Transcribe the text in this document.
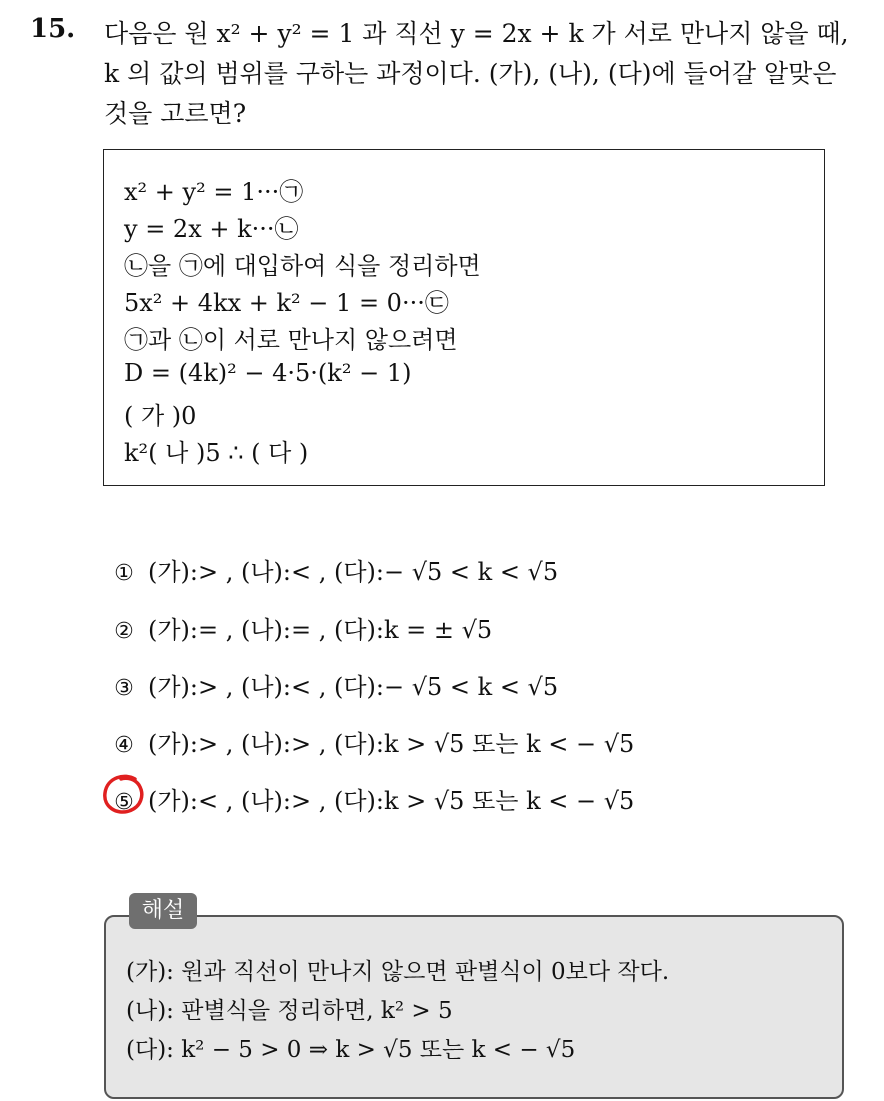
15. 다음은 원 x² + y² = 1 과 직선 y = 2x + k 가 서로 만나지 않을 때,
k 의 값의 범위를 구하는 과정이다. (가), (나), (다)에 들어갈 알맞은
것을 고르면?
x² + y² = 1···㉠
y = 2x + k···㉡
㉡을 ㉠에 대입하여 식을 정리하면
5x² + 4kx + k² − 1 = 0···㉢
㉠과 ㉡이 서로 만나지 않으려면
D = (4k)² − 4·5·(k² − 1)
( 가 )0
k²( 나 )5 ∴ ( 다 )
① (가):> , (나):< , (다):− √5 < k < √5
② (가):= , (나):= , (다):k = ± √5
③ (가):> , (나):< , (다):− √5 < k < √5
④ (가):> , (나):> , (다):k > √5 또는 k < − √5
⑤ (가):< , (나):> , (다):k > √5 또는 k < − √5
(가): 원과 직선이 만나지 않으면 판별식이 0보다 작다.
(나): 판별식을 정리하면, k² > 5
(다): k² − 5 > 0 ⇒ k > √5 또는 k < − √5
해설
